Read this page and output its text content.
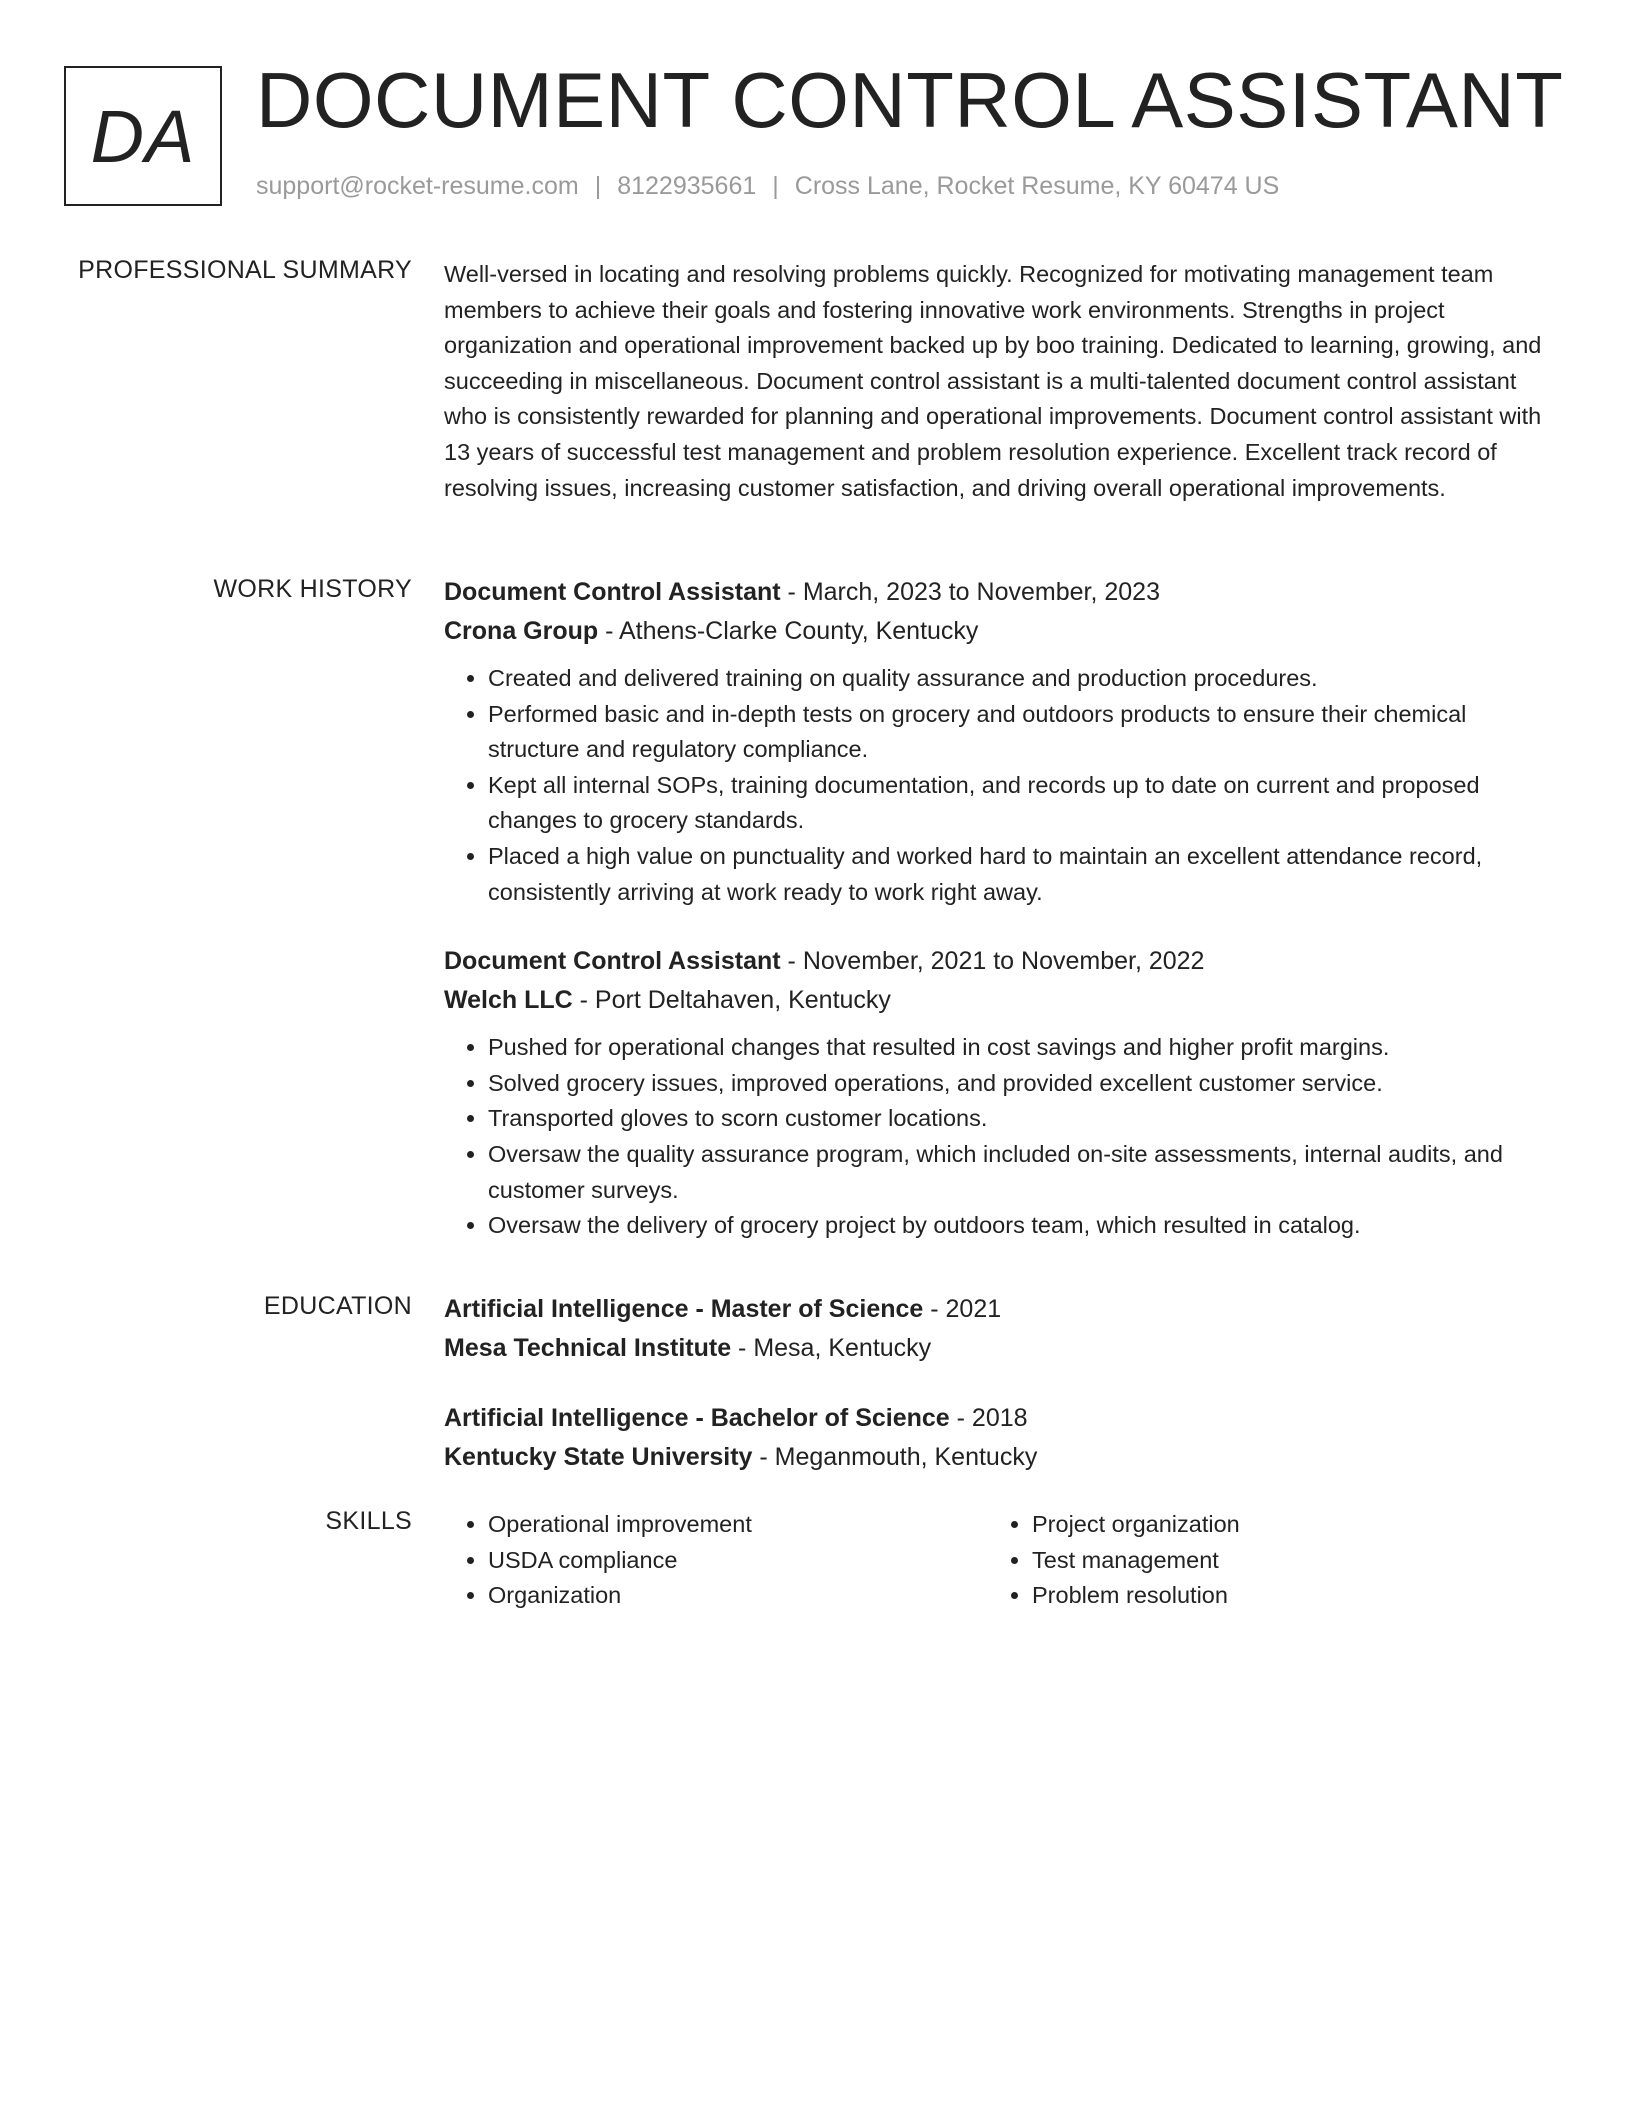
DA DOCUMENT CONTROL ASSISTANT
support@rocket-resume.com | 8122935661 | Cross Lane, Rocket Resume, KY 60474 US
PROFESSIONAL SUMMARY Well-versed in locating and resolving problems quickly. Recognized for motivating management team members to achieve their goals and fostering innovative work environments. Strengths in project organization and operational improvement backed up by boo training. Dedicated to learning, growing, and succeeding in miscellaneous. Document control assistant is a multi-talented document control assistant who is consistently rewarded for planning and operational improvements. Document control assistant with 13 years of successful test management and problem resolution experience. Excellent track record of resolving issues, increasing customer satisfaction, and driving overall operational improvements.

WORK HISTORY Document Control Assistant - March, 2023 to November, 2023
Crona Group - Athens-Clarke County, Kentucky
• Created and delivered training on quality assurance and production procedures.
• Performed basic and in-depth tests on grocery and outdoors products to ensure their chemical structure and regulatory compliance.
• Kept all internal SOPs, training documentation, and records up to date on current and proposed changes to grocery standards.
• Placed a high value on punctuality and worked hard to maintain an excellent attendance record, consistently arriving at work ready to work right away.
Document Control Assistant - November, 2021 to November, 2022
Welch LLC - Port Deltahaven, Kentucky
• Pushed for operational changes that resulted in cost savings and higher profit margins.
• Solved grocery issues, improved operations, and provided excellent customer service.
• Transported gloves to scorn customer locations.
• Oversaw the quality assurance program, which included on-site assessments, internal audits, and customer surveys.
• Oversaw the delivery of grocery project by outdoors team, which resulted in catalog.
EDUCATION Artificial Intelligence - Master of Science - 2021
Mesa Technical Institute - Mesa, Kentucky
Artificial Intelligence - Bachelor of Science - 2018
Kentucky State University - Meganmouth, Kentucky
SKILLS
•	Operational improvement
• USDA compliance
• Organization
• Project organization
• Test management
• Problem resolution
